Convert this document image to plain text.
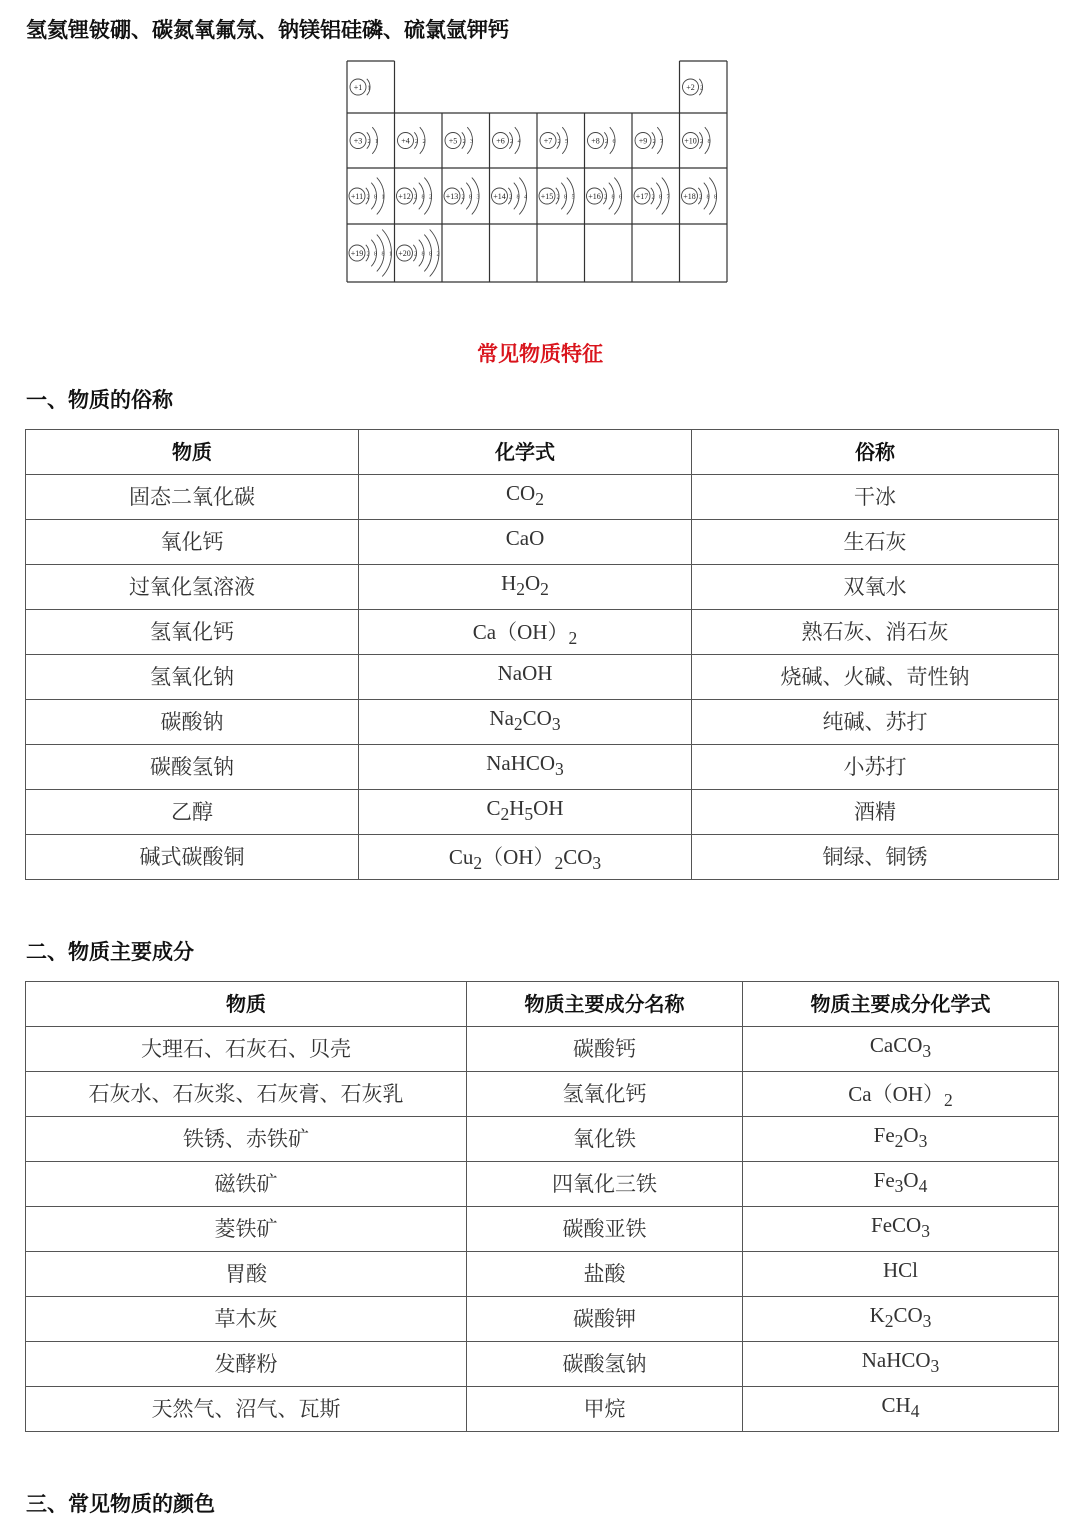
氢氦锂铍硼、碳氮氧氟氖、钠镁铝硅磷、硫氯氩钾钙
+1 1	+2 2
+3 2 1	+4 2 2	+5 2 3	+6 2 4	+7 2 5	+8 2 6	+9 2 7	+10 2 8
+11 2 8 1 +12 2 8 2 +13 2 8 3 +14 2 8 4 +15 2 8 5 +16 2 8 6 +17 2 8 7 +18 2 8 8
+19 2 8 8 1 +20 2 8 8 2
常见物质特征
一、物质的俗称
物质	化学式	俗称
固态二氧化碳	$CO_2$	干冰
氧化钙	CaO	生石灰
过氧化氢溶液	$H_2O_2$	双氧水
氢氧化钙	$Ca(OH)_2$	熟石灰、消石灰
氢氧化钠	NaOH	烧碱、火碱、苛性钠
碳酸钠	$Na_2CO_3$	纯碱、苏打
碳酸氢钠	NaHCO$_3$	小苏打
乙醇	$C_2H_5OH$	酒精
碱式碳酸铜	$Cu_2(OH)_2CO_3$	铜绿、铜锈
二、物质主要成分
物质	物质主要成分名称	物质主要成分化学式
大理石、石灰石、贝壳	碳酸钙	CaCO$_3$
石灰水、石灰浆、石灰膏、石灰乳	氢氧化钙	$Ca(OH)_2$
铁锈、赤铁矿	氧化铁	$Fe_2O_3$
磁铁矿	四氧化三铁	$Fe_3O_4$
菱铁矿	碳酸亚铁	FeCO$_3$
胃酸	盐酸	HCl
草木灰	碳酸钾	$K_2CO_3$
发酵粉	碳酸氢钠	NaHCO$_3$
天然气、沼气、瓦斯	甲烷	$CH_4$
三、常见物质的颜色
